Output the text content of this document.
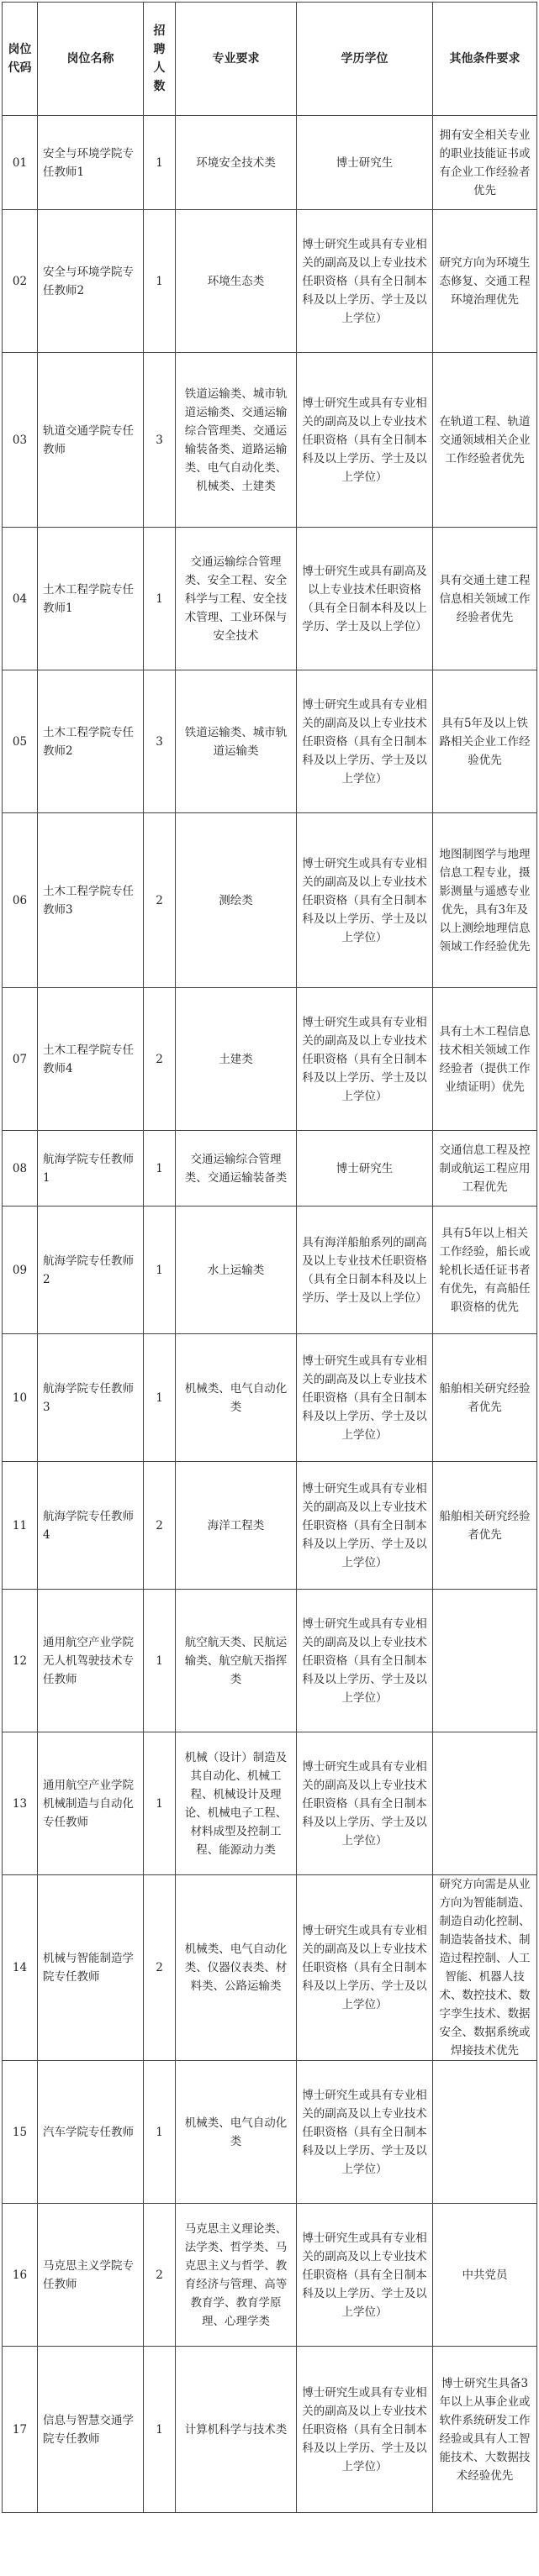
岗位代码	岗位名称	招聘人数	专业要求	学历学位	其他条件要求
01	安全与环境学院专任教师1	1	环境安全技术类	博士研究生	拥有安全相关专业的职业技能证书或有企业工作经验者优先
02	安全与环境学院专任教师2	1	环境生态类	博士研究生或具有专业相关的副高及以上专业技术任职资格（具有全日制本科及以上学历、学士及以上学位）	研究方向为环境生态修复、交通工程环境治理优先
03	轨道交通学院专任教师	3	铁道运输类、城市轨道运输类、交通运输综合管理类、交通运输装备类、道路运输类、电气自动化类、机械类、土建类	博士研究生或具有专业相关的副高及以上专业技术任职资格（具有全日制本科及以上学历、学士及以上学位）	在轨道工程、轨道交通领域相关企业工作经验者优先
04	土木工程学院专任教师1	1	交通运输综合管理类、安全工程、安全科学与工程、安全技术管理、工业环保与安全技术	博士研究生或具有副高及以上专业技术任职资格（具有全日制本科及以上学历、学士及以上学位）	具有交通土建工程信息相关领域工作经验者优先
05	土木工程学院专任教师2	3	铁道运输类、城市轨道运输类	博士研究生或具有专业相关的副高及以上专业技术任职资格（具有全日制本科及以上学历、学士及以上学位）	具有5年及以上铁路相关企业工作经验优先
06	土木工程学院专任教师3	2	测绘类	博士研究生或具有专业相关的副高及以上专业技术任职资格（具有全日制本科及以上学历、学士及以上学位）	地图制图学与地理信息工程专业，摄影测量与遥感专业优先，具有3年及以上测绘地理信息领域工作经验优先
07	土木工程学院专任教师4	2	土建类	博士研究生或具有专业相关的副高及以上专业技术任职资格（具有全日制本科及以上学历、学士及以上学位）	具有土木工程信息技术相关领域工作经验者（提供工作业绩证明）优先
08	航海学院专任教师1	1	交通运输综合管理类、交通运输装备类	博士研究生	交通信息工程及控制或航运工程应用工程优先
09	航海学院专任教师2	1	水上运输类	具有海洋船舶系列的副高及以上专业技术任职资格（具有全日制本科及以上学历、学士及以上学位）	具有5年以上相关工作经验，船长或轮机长适任证书者有优先，有高船任职资格的优先
10	航海学院专任教师3	1	机械类、电气自动化类	博士研究生或具有专业相关的副高及以上专业技术任职资格（具有全日制本科及以上学历、学士及以上学位）	船舶相关研究经验者优先
11	航海学院专任教师4	2	海洋工程类	博士研究生或具有专业相关的副高及以上专业技术任职资格（具有全日制本科及以上学历、学士及以上学位）	船舶相关研究经验者优先
12	通用航空产业学院无人机驾驶技术专任教师	1	航空航天类、民航运输类、航空航天指挥类	博士研究生或具有专业相关的副高及以上专业技术任职资格（具有全日制本科及以上学历、学士及以上学位）	
13	通用航空产业学院机械制造与自动化专任教师	1	机械（设计）制造及其自动化、机械工程、机械设计及理论、机械电子工程、材料成型及控制工程、能源动力类	博士研究生或具有专业相关的副高及以上专业技术任职资格（具有全日制本科及以上学历、学士及以上学位）	
14	机械与智能制造学院专任教师	2	机械类、电气自动化类、仪器仪表类、材料类、公路运输类	博士研究生或具有专业相关的副高及以上专业技术任职资格（具有全日制本科及以上学历、学士及以上学位）	研究方向需是从业方向为智能制造、制造自动化控制、制造装备技术、制造过程控制、人工智能、机器人技术、数控技术、数字孪生技术、数据安全、数据系统或焊接技术优先
15	汽车学院专任教师	1	机械类、电气自动化类	博士研究生或具有专业相关的副高及以上专业技术任职资格（具有全日制本科及以上学历、学士及以上学位）	
16	马克思主义学院专任教师	2	马克思主义理论类、法学类、哲学类、马克思主义与哲学、教育经济与管理、高等教育学、教育学原理、心理学类	博士研究生或具有专业相关的副高及以上专业技术任职资格（具有全日制本科及以上学历、学士及以上学位）	中共党员
17	信息与智慧交通学院专任教师	1	计算机科学与技术类	博士研究生或具有专业相关的副高及以上专业技术任职资格（具有全日制本科及以上学历、学士及以上学位）	博士研究生具备3年以上从事企业或软件系统研发工作经验或具有人工智能技术、大数据技术经验优先
